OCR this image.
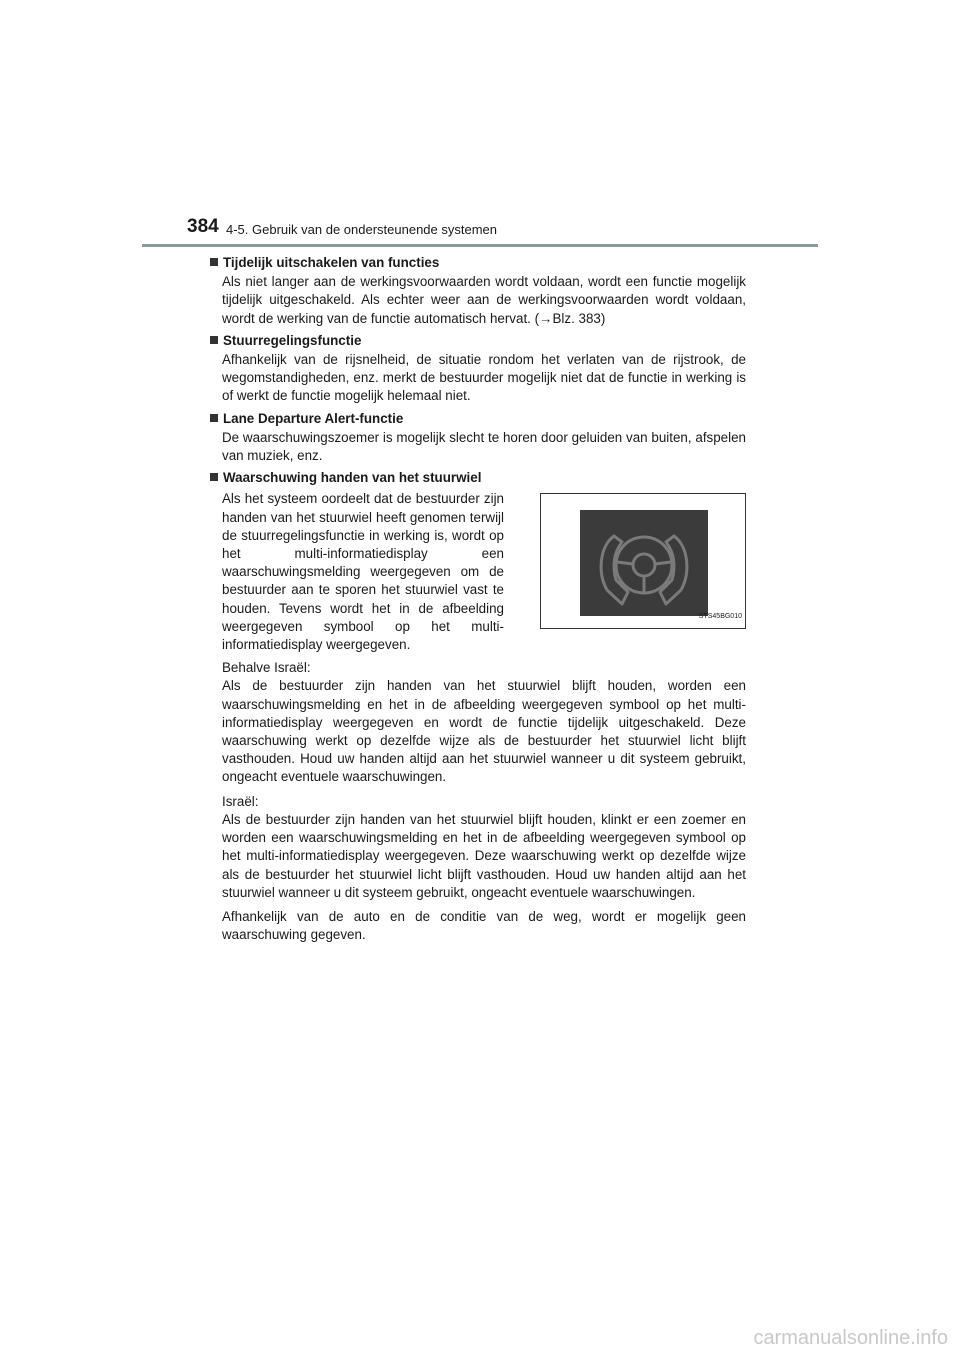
384 4-5. Gebruik van de ondersteunende systemen
Tijdelijk uitschakelen van functies

Als niet langer aan de werkingsvoorwaarden wordt voldaan, wordt een functie mogelijk tijdelijk uitgeschakeld. Als echter weer aan de werkingsvoorwaarden wordt voldaan, wordt de werking van de functie automatisch hervat. (→Blz. 383)

Stuurregelingsfunctie

Afhankelijk van de rijsnelheid, de situatie rondom het verlaten van de rijstrook, de wegomstandigheden, enz. merkt de bestuurder mogelijk niet dat de functie in werking is of werkt de functie mogelijk helemaal niet.

Lane Departure Alert-functie

De waarschuwingszoemer is mogelijk slecht te horen door geluiden van buiten, afspelen van muziek, enz.

Waarschuwing handen van het stuurwiel
Als het systeem oordeelt dat de bestuurder zijn handen van het stuurwiel heeft genomen terwijl de stuurregelingsfunctie in werking is, wordt op het multi-informatiedisplay een waarschuwingsmelding weergegeven om de bestuurder aan te sporen het stuurwiel vast te houden. Tevens wordt het in de afbeelding weergegeven symbool op het multi-informatiedisplay weergegeven.
STS45BG010

Behalve Israël:
Als de bestuurder zijn handen van het stuurwiel blijft houden, worden een waarschuwingsmelding en het in de afbeelding weergegeven symbool op het multi-informatiedisplay weergegeven en wordt de functie tijdelijk uitgeschakeld. Deze waarschuwing werkt op dezelfde wijze als de bestuurder het stuurwiel licht blijft vasthouden. Houd uw handen altijd aan het stuurwiel wanneer u dit systeem gebruikt, ongeacht eventuele waarschuwingen.

Israël:
Als de bestuurder zijn handen van het stuurwiel blijft houden, klinkt er een zoemer en worden een waarschuwingsmelding en het in de afbeelding weergegeven symbool op het multi-informatiedisplay weergegeven. Deze waarschuwing werkt op dezelfde wijze als de bestuurder het stuurwiel licht blijft vasthouden. Houd uw handen altijd aan het stuurwiel wanneer u dit systeem gebruikt, ongeacht eventuele waarschuwingen.

Afhankelijk van de auto en de conditie van de weg, wordt er mogelijk geen waarschuwing gegeven.

carmanualsonline.info
